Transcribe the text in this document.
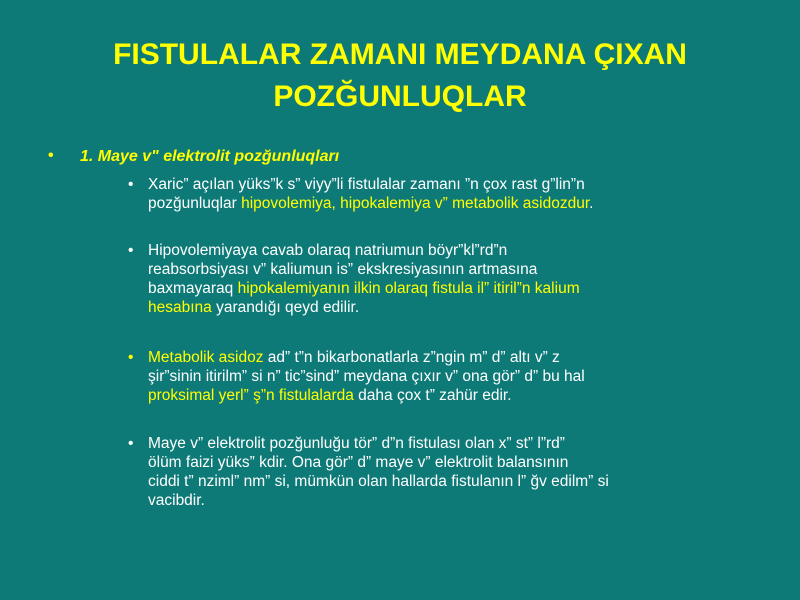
FISTULALAR ZAMANI MEYDANA ÇIXAN
POZĞUNLUQLAR
• 1. Maye v" elektrolit pozğunluqları
• Xaric” açılan yüks”k s” viyy”li fistulalar zamanı ”n çox rast g”lin”n
pozğunluqlar hipovolemiya, hipokalemiya v” metabolik asidozdur.
• Hipovolemiyaya cavab olaraq natriumun böyr”kl”rd”n
reabsorbsiyası v” kaliumun is” ekskresiyasının artmasına
baxmayaraq hipokalemiyanın ilkin olaraq fistula il” itiril”n kalium
hesabına yarandığı qeyd edilir.
• Metabolik asidoz ad” t”n bikarbonatlarla z”ngin m” d” altı v” z
şir”sinin itirilm” si n” tic”sind” meydana çıxır v” ona gör” d” bu hal
proksimal yerl” ş”n fistulalarda daha çox t” zahür edir.
• Maye v” elektrolit pozğunluğu tör” d”n fistulası olan x” st” l”rd”
ölüm faizi yüks” kdir. Ona gör” d” maye v” elektrolit balansının
ciddi t” nziml” nm” si, mümkün olan hallarda fistulanın l” ğv edilm” si
vacibdir.
